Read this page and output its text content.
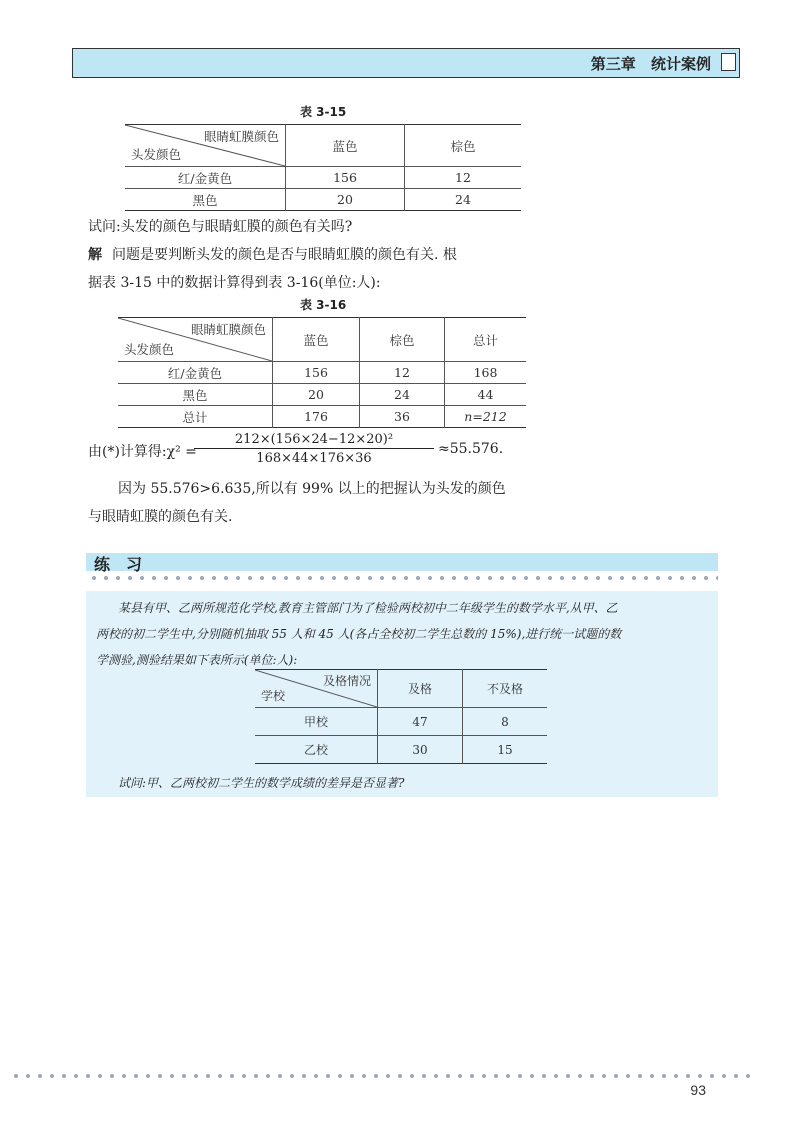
第三章 统计案例
表 3-15
眼睛虹膜颜色
头发颜色	蓝色	棕色
红/金黄色	156	12
黑色	20	24
试问:头发的颜色与眼睛虹膜的颜色有关吗?
解 问题是要判断头发的颜色是否与眼睛虹膜的颜色有关. 根
据表 3-15 中的数据计算得到表 3-16(单位:人):
表 3-16
眼睛虹膜颜色
头发颜色	蓝色	棕色	总计
红/金黄色	156	12	168
黑色	20	24	44
总计	176	36	n=212
由(*)计算得:χ² =
$\frac{\text{212×(156×24−12×20)²}}{168\times 44\times 176\times 36} \approx 55.576$.
因为 55.576>6.635,所以有 99% 以上的把握认为头发的颜色
与眼睛虹膜的颜色有关.
练习
某县有甲、乙两所规范化学校,教育主管部门为了检验两校初中二年级学生的数学水平,从甲、乙
两校的初二学生中,分别随机抽取 55 人和 45 人(各占全校初二学生总数的 15%),进行统一试题的数
学测验,测验结果如下表所示(单位:人):
及格情况
学校	及格	不及格
甲校	47	8
乙校	30	15
试问:甲、乙两校初二学生的数学成绩的差异是否显著?
93
